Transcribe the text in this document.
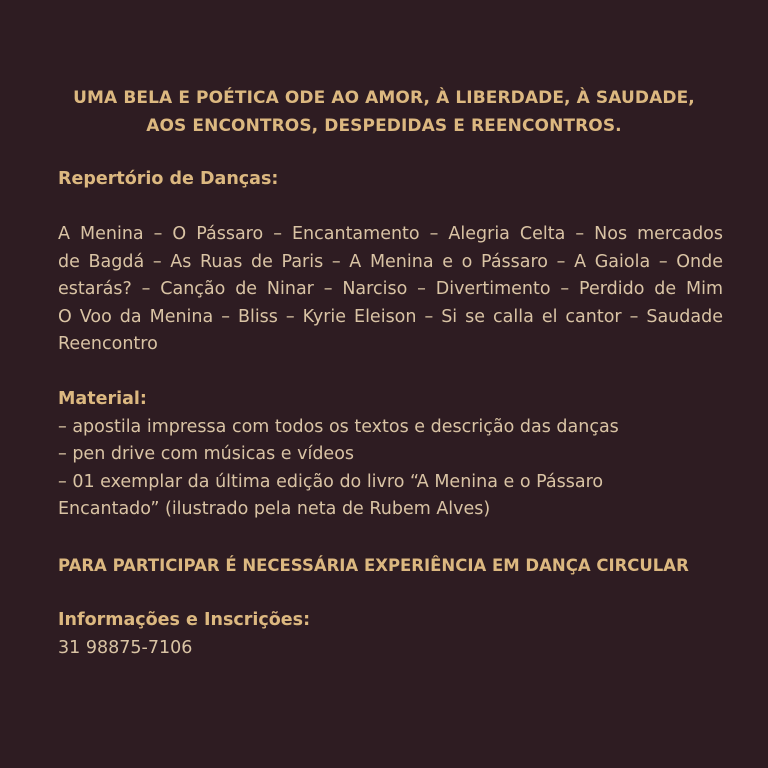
UMA BELA E POÉTICA ODE AO AMOR, À LIBERDADE, À SAUDADE,
AOS ENCONTROS, DESPEDIDAS E REENCONTROS.
Repertório de Danças:
A Menina – O Pássaro – Encantamento – Alegria Celta – Nos mercados
de Bagdá – As Ruas de Paris – A Menina e o Pássaro – A Gaiola – Onde
estarás? – Canção de Ninar – Narciso – Divertimento – Perdido de Mim
O Voo da Menina – Bliss – Kyrie Eleison – Si se calla el cantor – Saudade
Reencontro
Material:
– apostila impressa com todos os textos e descrição das danças
– pen drive com músicas e vídeos
– 01 exemplar da última edição do livro “A Menina e o Pássaro
Encantado” (ilustrado pela neta de Rubem Alves)
PARA PARTICIPAR É NECESSÁRIA EXPERIÊNCIA EM DANÇA CIRCULAR
Informações e Inscrições:
31 98875-7106
